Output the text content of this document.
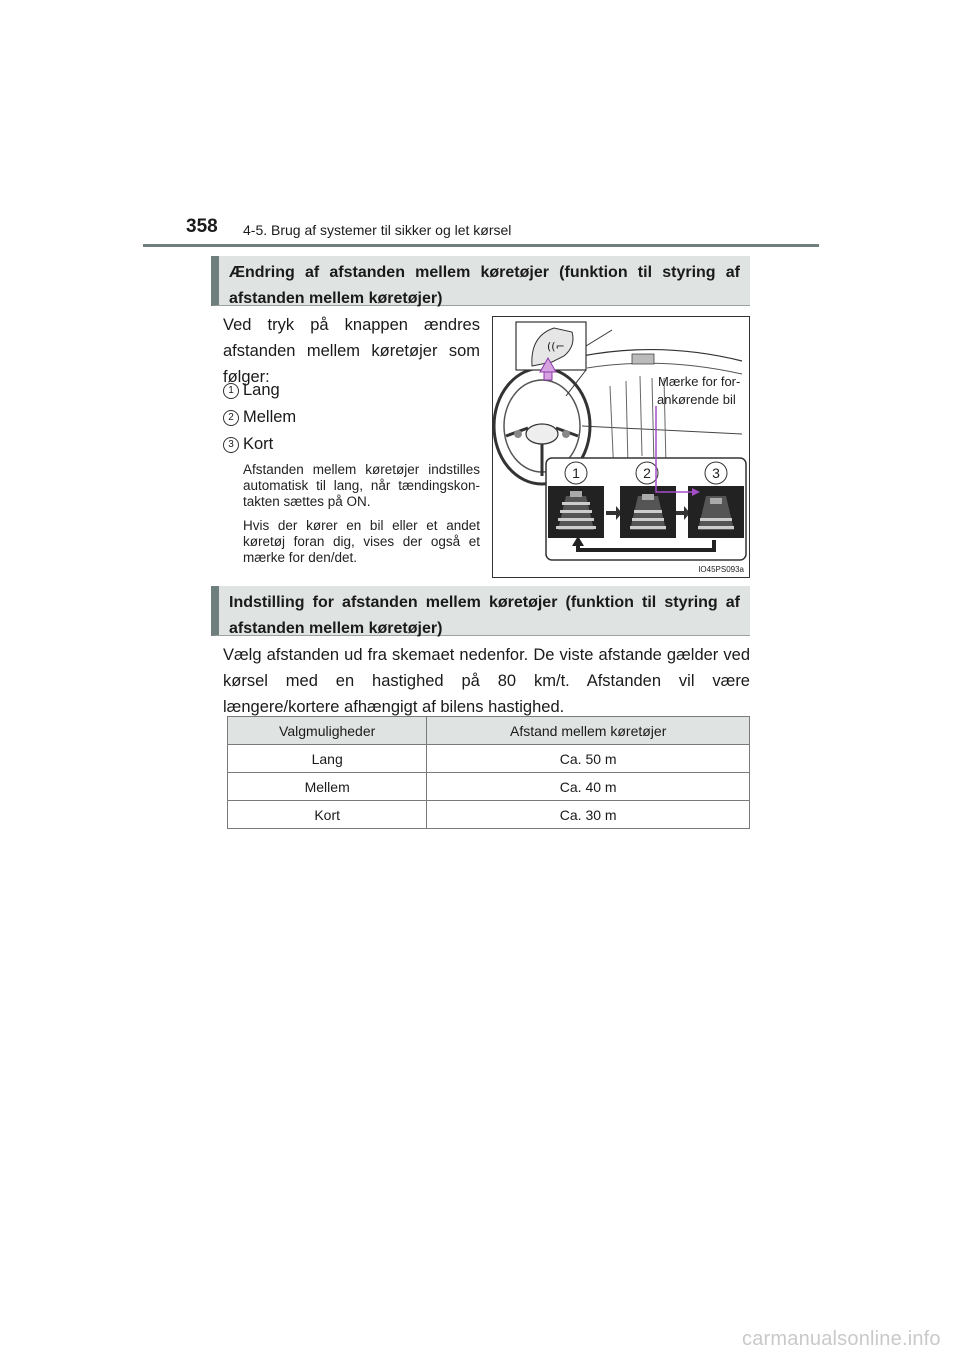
358 4-5. Brug af systemer til sikker og let kørsel
Ændring af afstanden mellem køretøjer (funktion til styring af afstanden mellem køretøjer)
Ved tryk på knappen ændres afstanden mellem køretøjer som følger:
1 Lang
2 Mellem
3 Kort
Afstanden mellem køretøjer indstilles automatisk til lang, når tændingskon-takten sættes på ON.
Hvis der kører en bil eller et andet køretøj foran dig, vises der også et mærke for den/det.
((⌐
Mærke for for-
ankørende bil
1	2	3
IO45PS093a
Indstilling for afstanden mellem køretøjer (funktion til styring af afstanden mellem køretøjer)
Vælg afstanden ud fra skemaet nedenfor. De viste afstande gælder ved kørsel med en hastighed på 80 km/t. Afstanden vil være længere/kortere afhængigt af bilens hastighed.
Valgmuligheder	Afstand mellem køretøjer
Lang	Ca. 50 m
Mellem	Ca. 40 m
Kort	Ca. 30 m
carmanualsonline.info
